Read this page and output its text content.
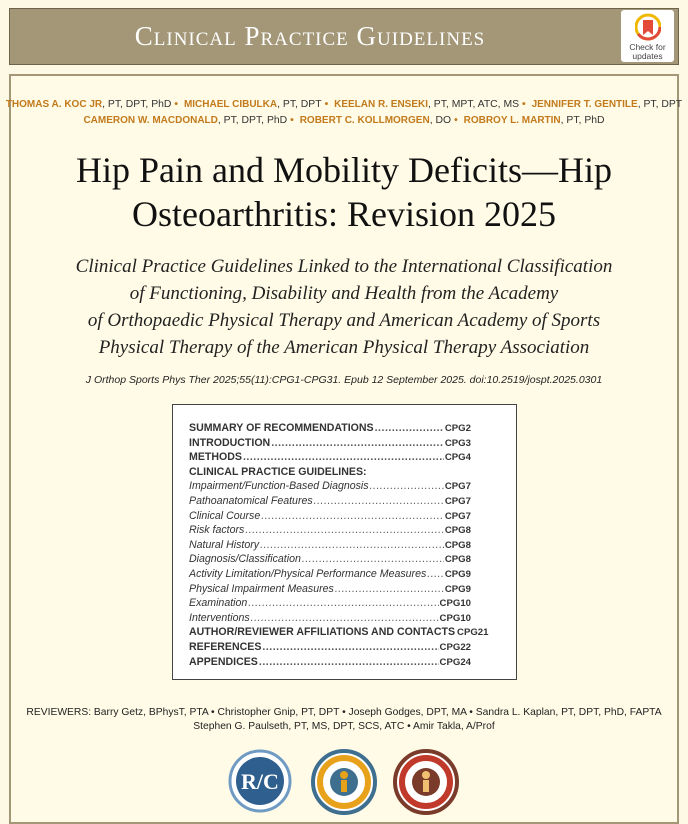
Clinical Practice Guidelines	Check for
updates
THOMAS A. KOC JR, PT, DPT, PhD • MICHAEL CIBULKA, PT, DPT • KEELAN R. ENSEKI, PT, MPT, ATC, MS • JENNIFER T. GENTILE, PT, DPT
CAMERON W. MACDONALD, PT, DPT, PhD • ROBERT C. KOLLMORGEN, DO • ROBROY L. MARTIN, PT, PhD
Hip Pain and Mobility Deficits—Hip
Osteoarthritis: Revision 2025
Clinical Practice Guidelines Linked to the International Classification
of Functioning, Disability and Health from the Academy
of Orthopaedic Physical Therapy and American Academy of Sports
Physical Therapy of the American Physical Therapy Association
J Orthop Sports Phys Ther 2025;55(11):CPG1-CPG31. Epub 12 September 2025. doi:10.2519/jospt.2025.0301
SUMMARY OF RECOMMENDATIONS .....	CPG2
INTRODUCTION .....	CPG3
METHODS .....	CPG4
CLINICAL PRACTICE GUIDELINES:
Impairment/Function-Based Diagnosis .....	CPG7
Pathoanatomical Features .....	CPG7
Clinical Course .....	CPG7
Risk factors .....	CPG8
Natural History .....	CPG8
Diagnosis/Classification .....	CPG8
Activity Limitation/Physical Performance Measures ..... CPG9
Physical Impairment Measures .....	CPG9
Examination .....	CPG10
Interventions .....	CPG10
AUTHOR/REVIEWER AFFILIATIONS AND CONTACTS CPG21
REFERENCES .....	CPG22
APPENDICES .....	CPG24
REVIEWERS: Barry Getz, BPhysT, PTA • Christopher Gnip, PT, DPT • Joseph Godges, DPT, MA • Sandra L. Kaplan, PT, DPT, PhD, FAPTA
Stephen G. Paulseth, PT, MS, DPT, SCS, ATC • Amir Takla, A/Prof
R/C
